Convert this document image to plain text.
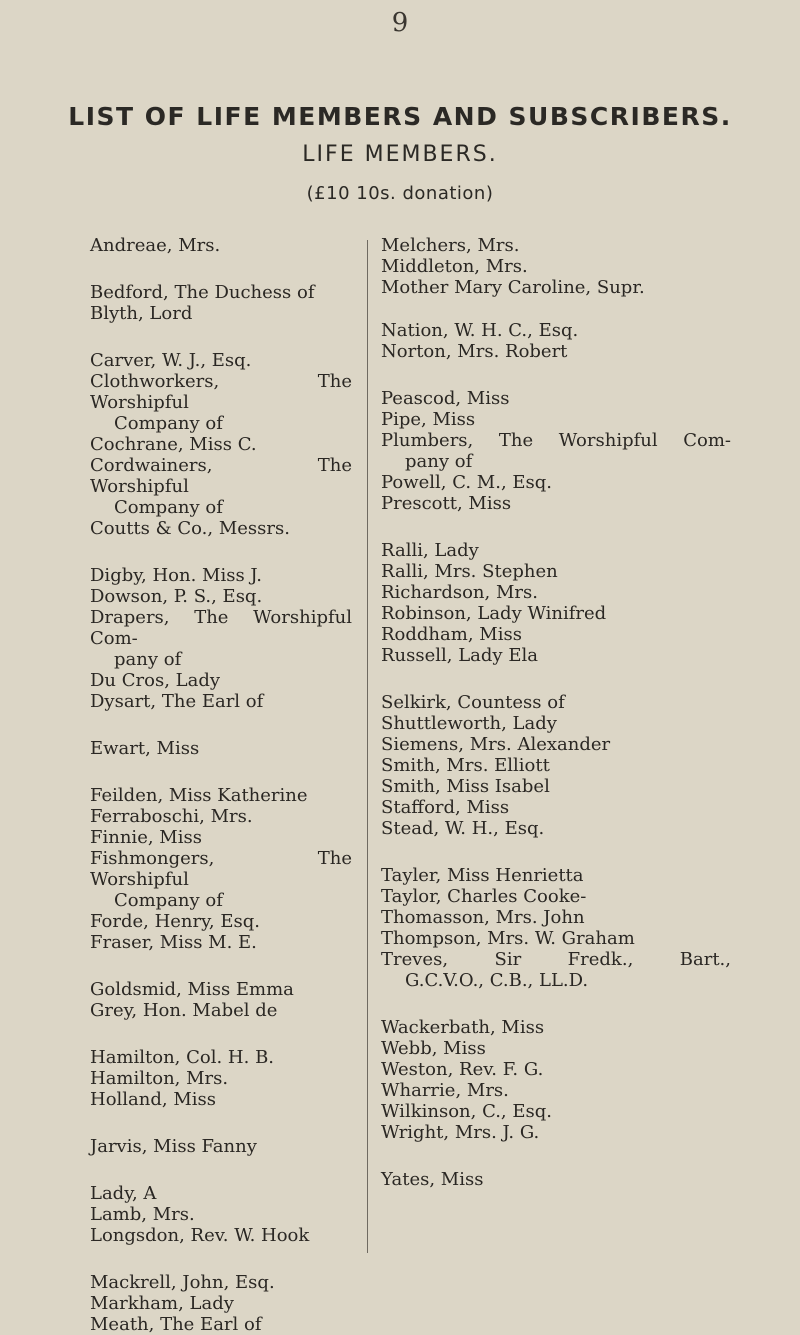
9
LIST OF LIFE MEMBERS AND SUBSCRIBERS.
LIFE MEMBERS.
(£10 10s. donation)
Andreae, Mrs.
Bedford, The Duchess of
Blyth, Lord
Carver, W. J., Esq.
Clothworkers, The Worshipful
Company of
Cochrane, Miss C.
Cordwainers, The Worshipful
Company of
Coutts & Co., Messrs.
Digby, Hon. Miss J.
Dowson, P. S., Esq.
Drapers, The Worshipful Com-
pany of
Du Cros, Lady
Dysart, The Earl of
Ewart, Miss
Feilden, Miss Katherine
Ferraboschi, Mrs.
Finnie, Miss
Fishmongers, The Worshipful
Company of
Forde, Henry, Esq.
Fraser, Miss M. E.
Goldsmid, Miss Emma
Grey, Hon. Mabel de
Hamilton, Col. H. B.
Hamilton, Mrs.
Holland, Miss
Jarvis, Miss Fanny
Lady, A
Lamb, Mrs.
Longsdon, Rev. W. Hook
Mackrell, John, Esq.
Markham, Lady
Meath, The Earl of
Melchers, Mrs.
Middleton, Mrs.
Mother Mary Caroline, Supr.
Nation, W. H. C., Esq.
Norton, Mrs. Robert
Peascod, Miss
Pipe, Miss
Plumbers, The Worshipful Com-
pany of
Powell, C. M., Esq.
Prescott, Miss
Ralli, Lady
Ralli, Mrs. Stephen
Richardson, Mrs.
Robinson, Lady Winifred
Roddham, Miss
Russell, Lady Ela
Selkirk, Countess of
Shuttleworth, Lady
Siemens, Mrs. Alexander
Smith, Mrs. Elliott
Smith, Miss Isabel
Stafford, Miss
Stead, W. H., Esq.
Tayler, Miss Henrietta
Taylor, Charles Cooke-
Thomasson, Mrs. John
Thompson, Mrs. W. Graham
Treves, Sir Fredk., Bart.,
G.C.V.O., C.B., LL.D.
Wackerbath, Miss
Webb, Miss
Weston, Rev. F. G.
Wharrie, Mrs.
Wilkinson, C., Esq.
Wright, Mrs. J. G.
Yates, Miss
